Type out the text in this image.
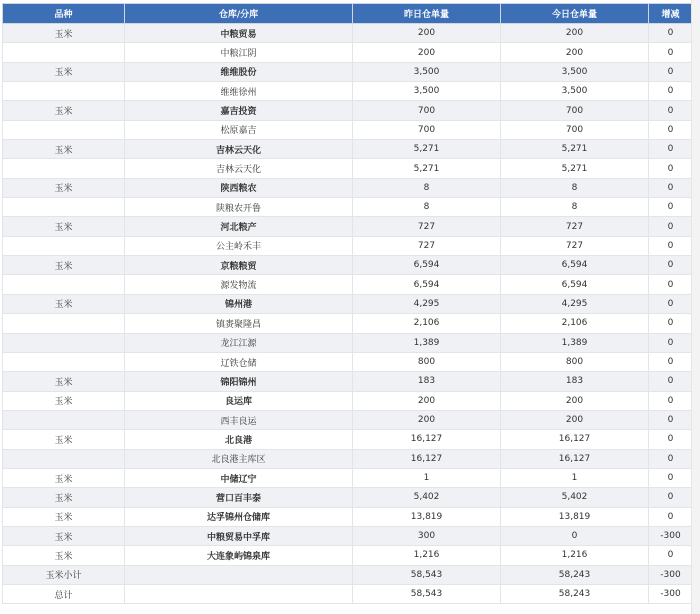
品种	仓库/分库	昨日仓单量	今日仓单量	增减
玉米	中粮贸易	200	200	0
	中粮江阴	200	200	0
玉米	维维股份	3,500	3,500	0
	维维徐州	3,500	3,500	0
玉米	嘉吉投资	700	700	0
	松原嘉吉	700	700	0
玉米	吉林云天化	5,271	5,271	0
	吉林云天化	5,271	5,271	0
玉米	陕西粮农	8	8	0
	陕粮农开鲁	8	8	0
玉米	河北粮产	727	727	0
	公主岭禾丰	727	727	0
玉米	京粮粮贸	6,594	6,594	0
	源发物流	6,594	6,594	0
玉米	锦州港	4,295	4,295	0
	镇赉聚隆昌	2,106	2,106	0
	龙江江源	1,389	1,389	0
	辽铁仓储	800	800	0
玉米	锦阳锦州	183	183	0
玉米	良运库	200	200	0
	西丰良运	200	200	0
玉米	北良港	16,127	16,127	0
	北良港主库区	16,127	16,127	0
玉米	中储辽宁	1	1	0
玉米	营口百丰泰	5,402	5,402	0
玉米	达孚锦州仓储库	13,819	13,819	0
玉米	中粮贸易中孚库	300	0	-300
玉米	大连象屿锦泉库	1,216	1,216	0
玉米小计		58,543	58,243	-300
总计		58,543	58,243	-300
